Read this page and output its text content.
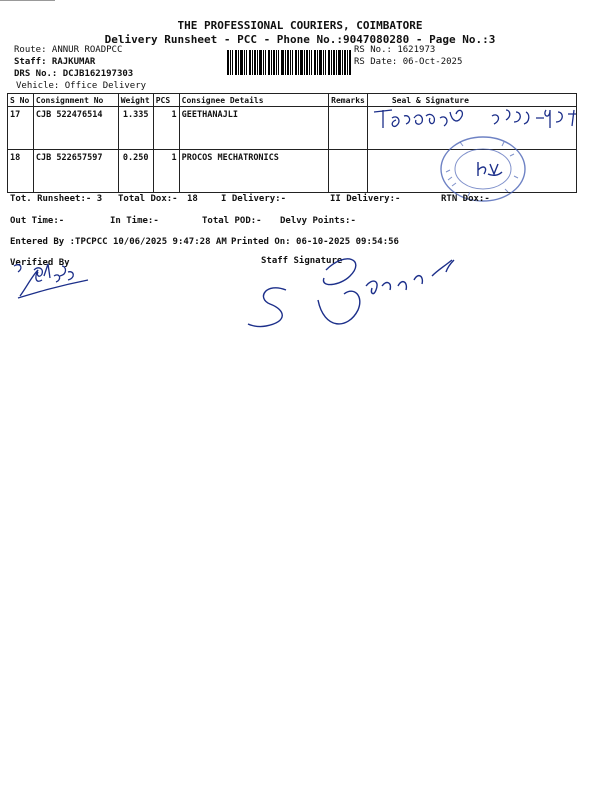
THE PROFESSIONAL COURIERS, COIMBATORE
Delivery Runsheet - PCC - Phone No.:9047080280 - Page No.:3
Route: ANNUR ROADPCC
Staff: RAJKUMAR
DRS No.: DCJB162197303
Vehicle: Office Delivery
RS No.: 1621973
RS Date: 06-Oct-2025
S No	Consignment No	Weight	PCS	Consignee Details	Remarks	Seal & Signature
17	CJB 522476514	1.335	1	GEETHANAJLI		
18	CJB 522657597	0.250	1	PROCOS MECHATRONICS		
Tot. Runsheet:- 3 Total Dox:- 18	I Delivery:-	II Delivery:-	RTN Dox:-
Out Time:-	In Time:-	Total POD:- Delvy Points:-
Entered By :TPCPCC 10/06/2025 9:47:28 AM Printed On: 06-10-2025 09:54:56
Verified By	Staff Signature
